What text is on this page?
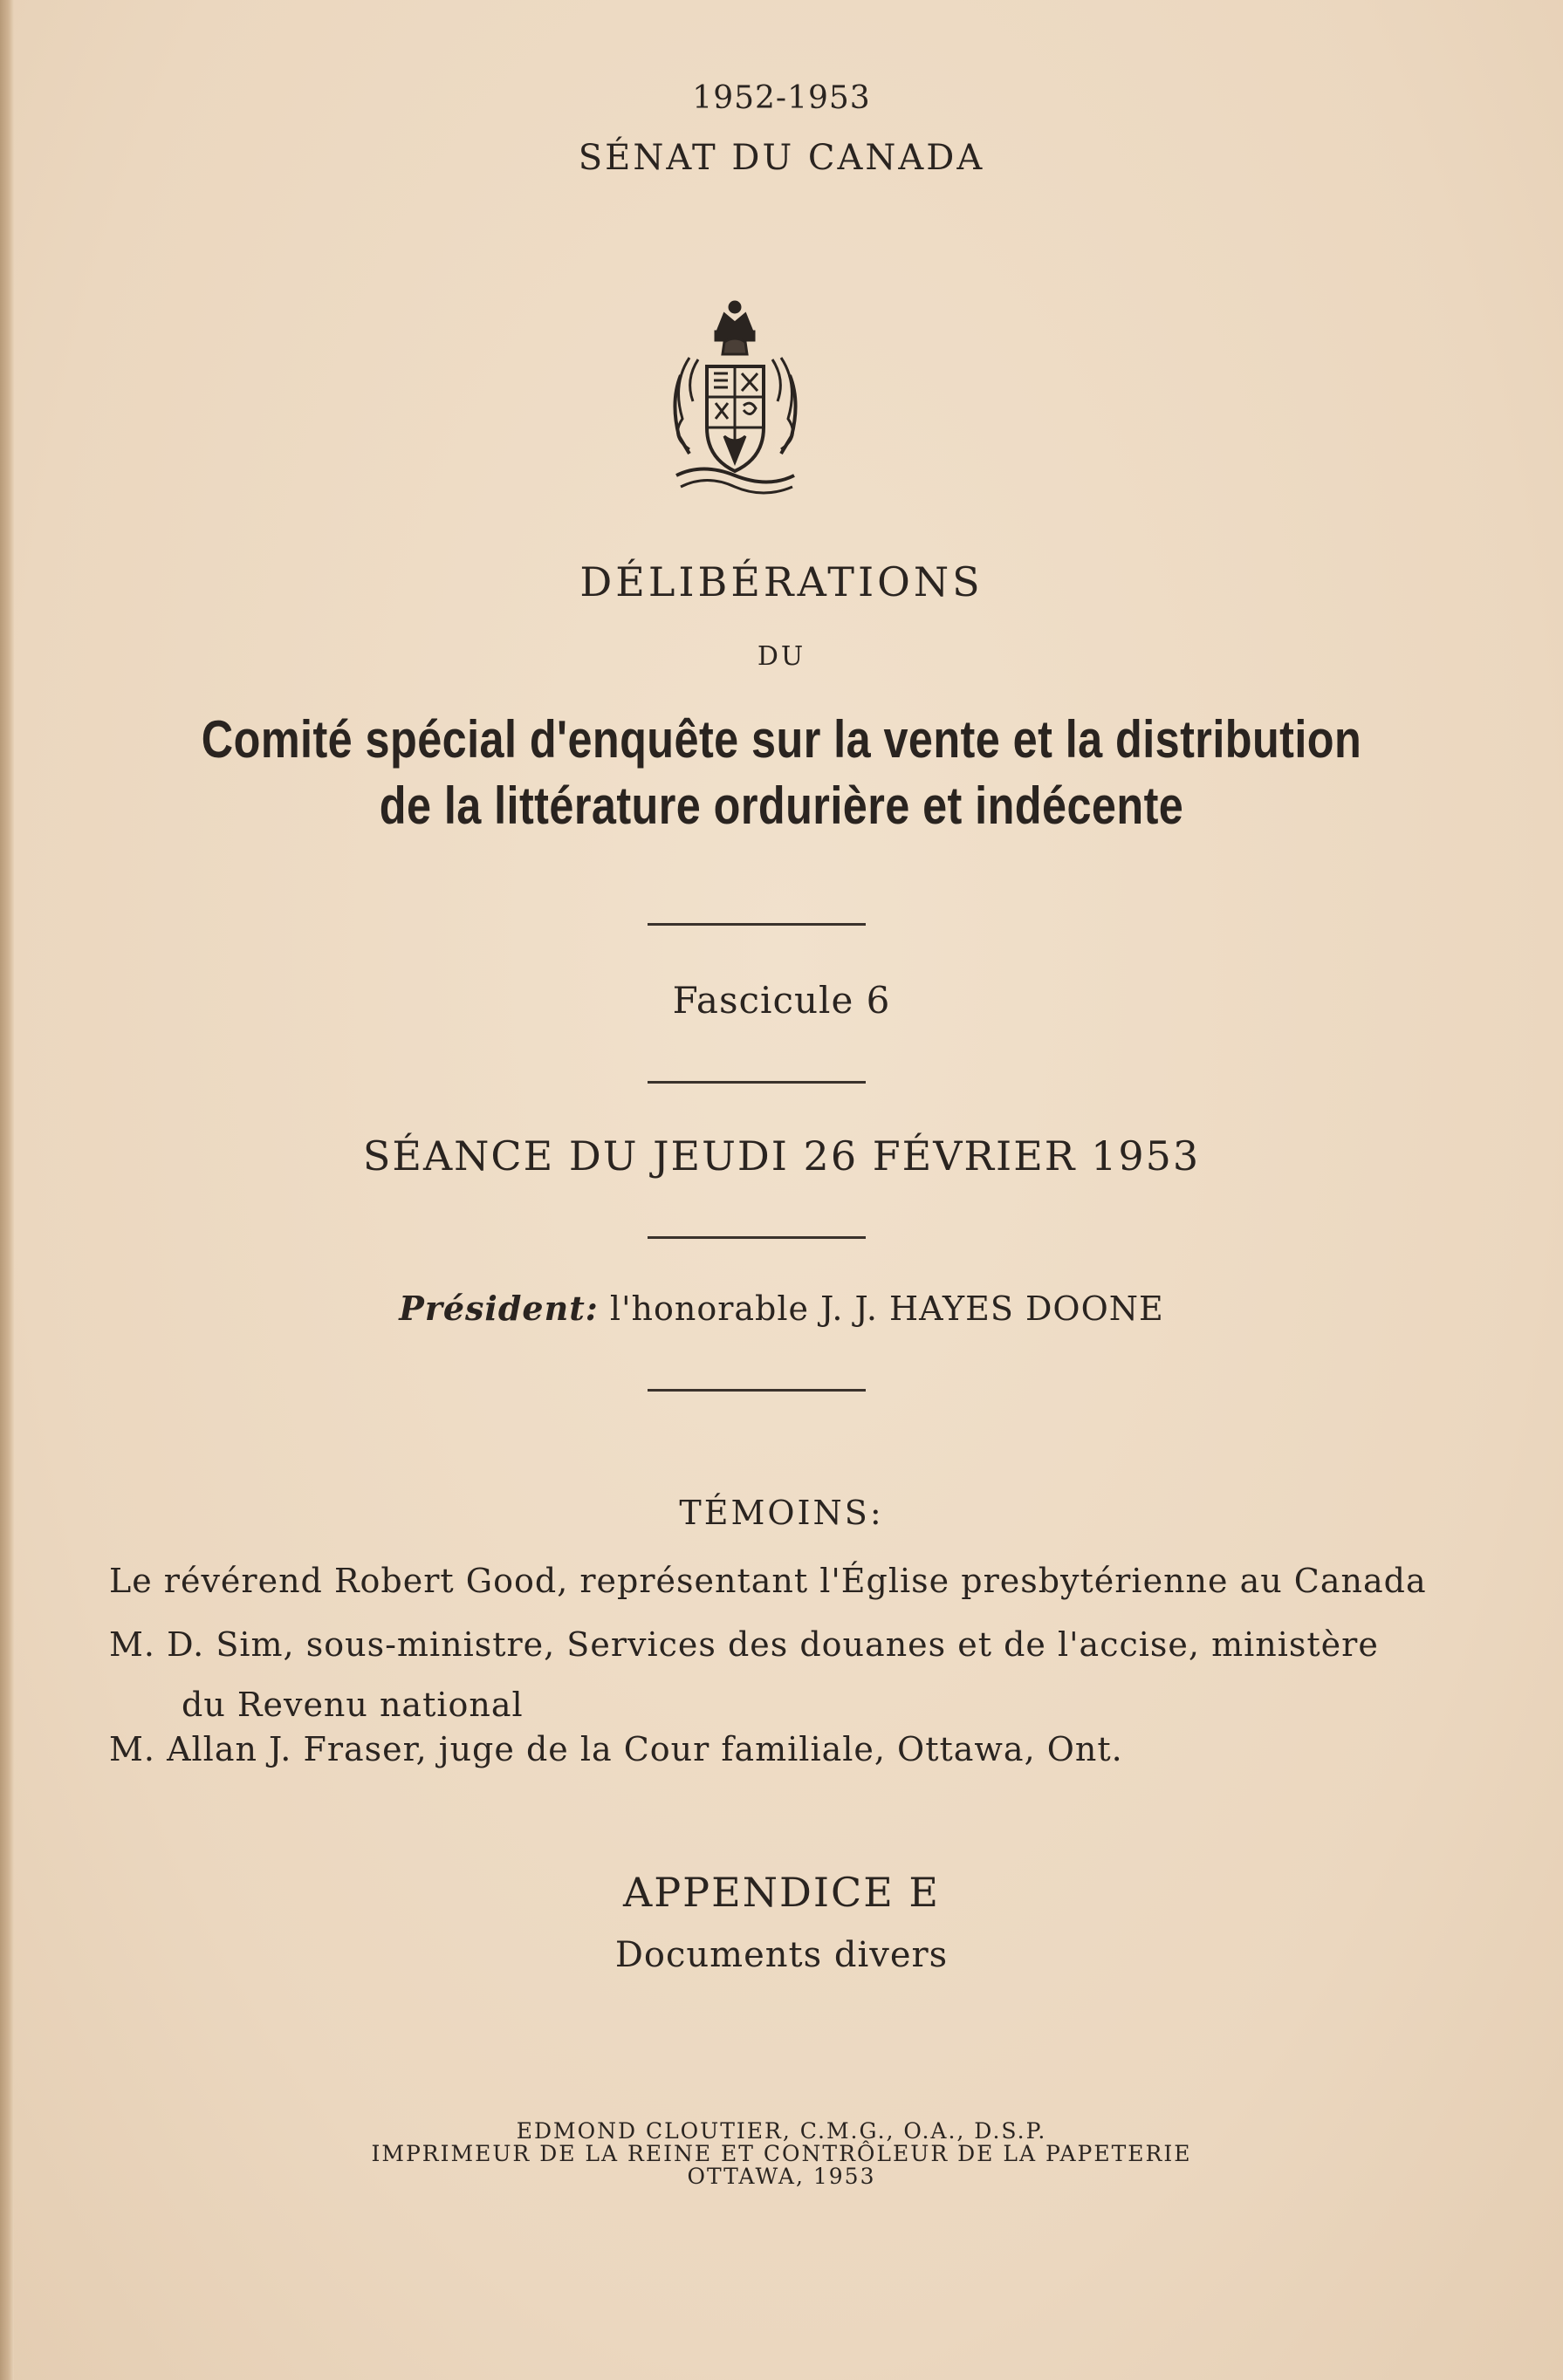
1952-1953
SÉNAT DU CANADA
DÉLIBÉRATIONS
DU
Comité spécial d'enquête sur la vente et la distribution de la littérature ordurière et indécente
Fascicule 6
SÉANCE DU JEUDI 26 FÉVRIER 1953
Président: l'honorable J. J. HAYES DOONE
TÉMOINS:
Le révérend Robert Good, représentant l'Église presbytérienne au Canada
M. D. Sim, sous-ministre, Services des douanes et de l'accise, ministère
du Revenu national
M. Allan J. Fraser, juge de la Cour familiale, Ottawa, Ont.
APPENDICE E
Documents divers
EDMOND CLOUTIER, C.M.G., O.A., D.S.P.
IMPRIMEUR DE LA REINE ET CONTRÔLEUR DE LA PAPETERIE
OTTAWA, 1953
